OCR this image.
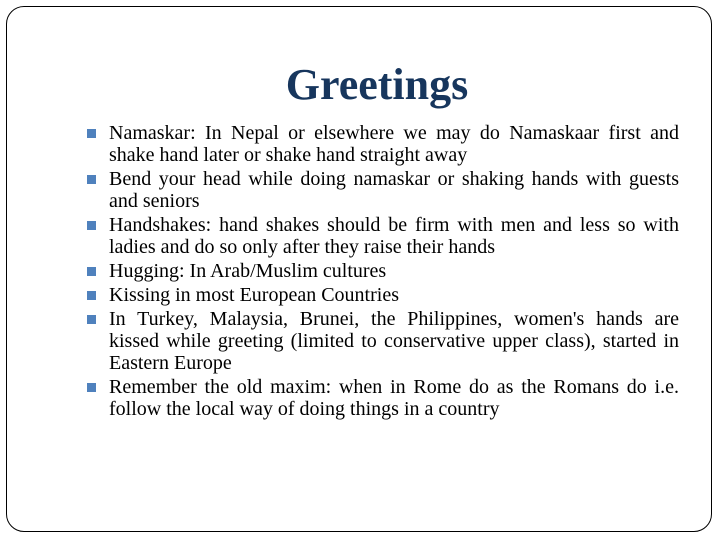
Greetings
Namaskar: In Nepal or elsewhere we may do Namaskaar first and shake hand later or shake hand straight away
Bend your head while doing namaskar or shaking hands with guests and seniors
Handshakes: hand shakes should be firm with men and less so with ladies and do so only after they raise their hands
Hugging: In Arab/Muslim cultures
Kissing in most European Countries
In Turkey, Malaysia, Brunei, the Philippines, women's hands are kissed while greeting (limited to conservative upper class), started in Eastern Europe
Remember the old maxim: when in Rome do as the Romans do i.e. follow the local way of doing things in a country
